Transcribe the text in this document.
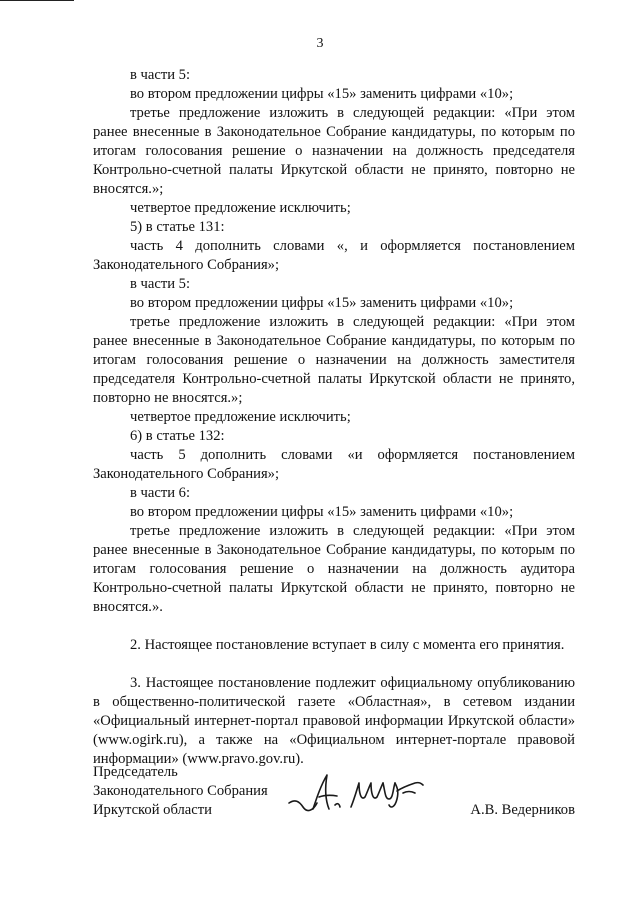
3

в части 5:

во втором предложении цифры «15» заменить цифрами «10»;

третье предложение изложить в следующей редакции: «При этом ранее внесенные в Законодательное Собрание кандидатуры, по которым по итогам голосования решение о назначении на должность председателя Контрольно-счетной палаты Иркутской области не принято, повторно не вносятся.»;

четвертое предложение исключить;

5) в статье 131:

часть 4 дополнить словами «, и оформляется постановлением Законодательного Собрания»;

в части 5:

во втором предложении цифры «15» заменить цифрами «10»;

третье предложение изложить в следующей редакции: «При этом ранее внесенные в Законодательное Собрание кандидатуры, по которым по итогам голосования решение о назначении на должность заместителя председателя Контрольно-счетной палаты Иркутской области не принято, повторно не вносятся.»;

четвертое предложение исключить;

6) в статье 132:

часть 5 дополнить словами «и оформляется постановлением Законодательного Собрания»;

в части 6:

во втором предложении цифры «15» заменить цифрами «10»;

третье предложение изложить в следующей редакции: «При этом ранее внесенные в Законодательное Собрание кандидатуры, по которым по итогам голосования решение о назначении на должность аудитора Контрольно-счетной палаты Иркутской области не принято, повторно не вносятся.».

2. Настоящее постановление вступает в силу с момента его принятия.

3. Настоящее постановление подлежит официальному опубликованию в общественно-политической газете «Областная», в сетевом издании «Официальный интернет-портал правовой информации Иркутской области» (www.ogirk.ru), а также на «Официальном интернет-портале правовой информации» (www.pravo.gov.ru).

Председатель
Законодательного Собрания
Иркутской области	А.В. Ведерников
